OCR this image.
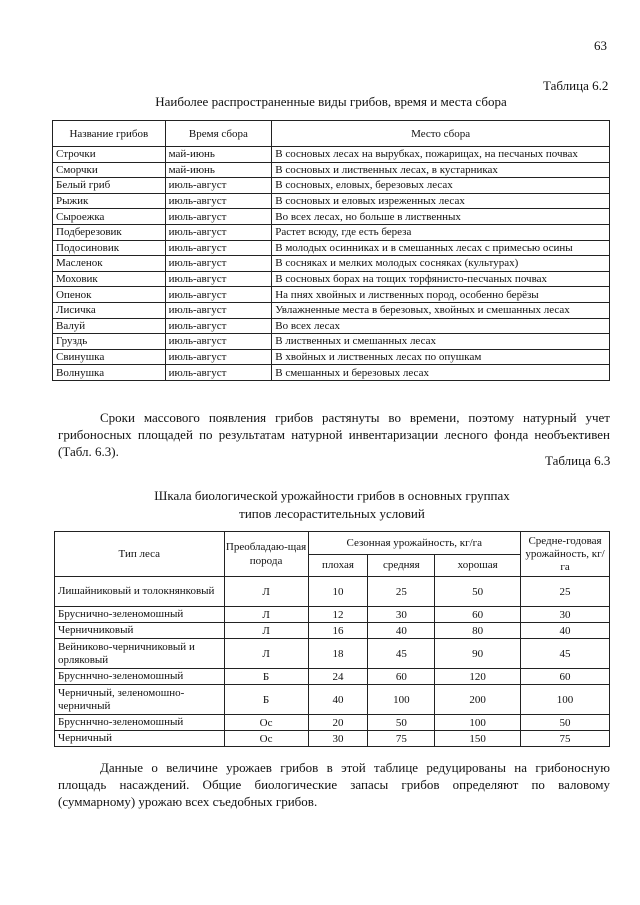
63
Таблица 6.2
Наиболее распространенные виды грибов, время и места сбора
Название грибов	Время сбора	Место сбора
Строчки	май-июнь	В сосновых лесах на вырубках, пожарищах, на песчаных почвах
Сморчки	май-июнь	В сосновых и лиственных лесах, в кустарниках
Белый гриб	июль-август	В сосновых, еловых, березовых лесах
Рыжик	июль-август	В сосновых и еловых изреженных лесах
Сыроежка	июль-август	Во всех лесах, но больше в лиственных
Подберезовик	июль-август	Растет всюду, где есть береза
Подосиновик	июль-август	В молодых осинниках и в смешанных лесах с примесью осины
Масленок	июль-август	В сосняках и мелких молодых сосняках (культурах)
Моховик	июль-август	В сосновых борах на тощих торфянисто-песчаных почвах
Опенок	июль-август	На пнях хвойных и лиственных пород, особенно берёзы
Лисичка	июль-август	Увлажненные места в березовых, хвойных и смешанных лесах
Валуй	июль-август	Во всех лесах
Груздь	июль-август	В лиственных и смешанных лесах
Свинушка	июль-август	В хвойных и лиственных лесах по опушкам
Волнушка	июль-август	В смешанных и березовых лесах
Сроки массового появления грибов растянуты во времени, поэтому натурный учет грибоносных площадей по результатам натурной инвентаризации лесного фонда необъективен (Табл. 6.3).
Таблица 6.3
Шкала биологической урожайности грибов в основных группах
типов лесорастительных условий
Тип леса	Преобладаю-щая порода	Сезонная урожайность, кг/га			Средне-годовая урожайность, кг/га
		плохая	средняя	хорошая	
Лишайниковый и толокнянковый	Л	10	25	50	25
Бруснично-зеленомошный	Л	12	30	60	30
Черничниковый	Л	16	40	80	40
Вейниково-черничниковый и орляковый	Л	18	45	90	45
Брусннчно-зеленомошный	Б	24	60	120	60
Черничный, зеленомошно-черничный	Б	40	100	200	100
Брусннчно-зеленомошный	Ос	20	50	100	50
Черничный	Ос	30	75	150	75
Данные о величине урожаев грибов в этой таблице редуцированы на грибоносную площадь насаждений. Общие биологические запасы грибов определяют по валовому (суммарному) урожаю всех съедобных грибов.
